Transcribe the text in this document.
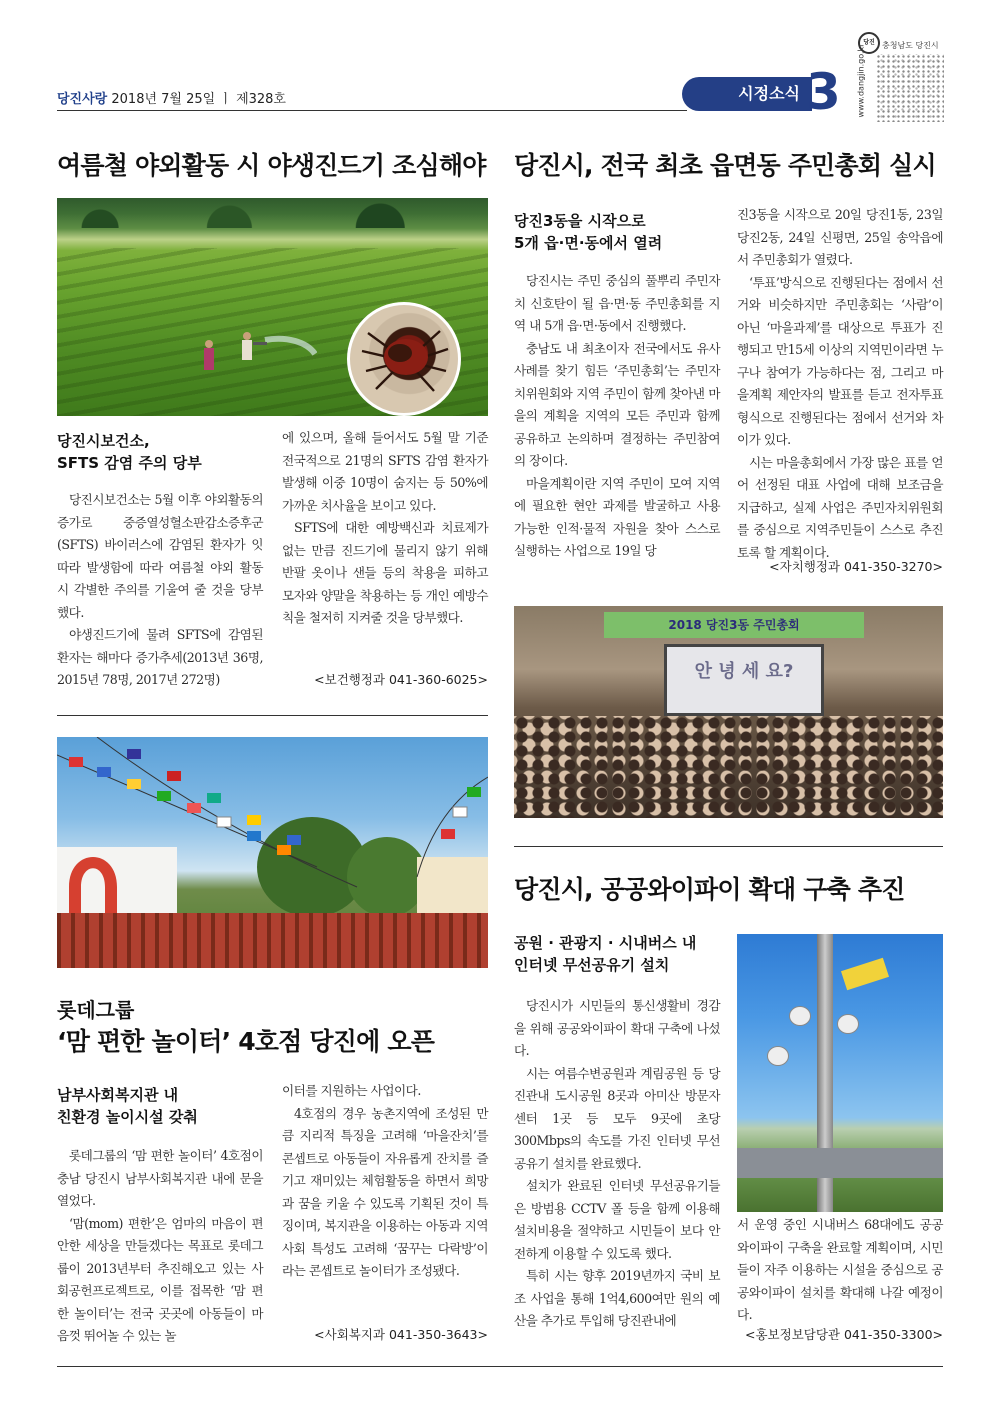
당진사랑 2018년 7월 25일 ㅣ 제328호	시정소식 3
당진 충청남도 당진시
www.dangjin.go.kr
여름철 야외활동 시 야생진드기 조심해야
당진시보건소,
SFTS 감염 주의 당부

당진시보건소는 5월 이후 야외활동의 증가로 중증열성혈소판감소증후군(SFTS) 바이러스에 감염된 환자가 잇따라 발생함에 따라 여름철 야외 활동 시 각별한 주의를 기울여 줄 것을 당부했다.

야생진드기에 물려 SFTS에 감염된 환자는 해마다 증가추세(2013년 36명, 2015년 78명, 2017년 272명)

에 있으며, 올해 들어서도 5월 말 기준 전국적으로 21명의 SFTS 감염 환자가 발생해 이중 10명이 숨지는 등 50%에 가까운 치사율을 보이고 있다.

SFTS에 대한 예방백신과 치료제가 없는 만큼 진드기에 물리지 않기 위해 반팔 옷이나 샌들 등의 착용을 피하고 모자와 양말을 착용하는 등 개인 예방수칙을 철저히 지켜줄 것을 당부했다.

<보건행정과 041-360-6025>
당진시, 전국 최초 읍면동 주민총회 실시
당진3동을 시작으로
5개 읍·면·동에서 열려

당진시는 주민 중심의 풀뿌리 주민자치 신호탄이 될 읍·면·동 주민총회를 지역 내 5개 읍·면·동에서 진행했다.

충남도 내 최초이자 전국에서도 유사 사례를 찾기 힘든 ‘주민총회’는 주민자치위원회와 지역 주민이 함께 찾아낸 마을의 계획을 지역의 모든 주민과 함께 공유하고 논의하며 결정하는 주민참여의 장이다.

마을계획이란 지역 주민이 모여 지역에 필요한 현안 과제를 발굴하고 사용 가능한 인적·물적 자원을 찾아 스스로 실행하는 사업으로 19일 당

진3동을 시작으로 20일 당진1동, 23일 당진2동, 24일 신평면, 25일 송악읍에서 주민총회가 열렸다.

‘투표’방식으로 진행된다는 점에서 선거와 비슷하지만 주민총회는 ‘사람’이 아닌 ‘마을과제’를 대상으로 투표가 진행되고 만15세 이상의 지역민이라면 누구나 참여가 가능하다는 점, 그리고 마을계획 제안자의 발표를 듣고 전자투표 형식으로 진행된다는 점에서 선거와 차이가 있다.

시는 마을총회에서 가장 많은 표를 얻어 선정된 대표 사업에 대해 보조금을 지급하고, 실제 사업은 주민자치위원회를 중심으로 지역주민들이 스스로 추진토록 할 계획이다.

<자치행정과 041-350-3270>
2018 당진3동 주민총회
안 녕 세 요?
롯데그룹
‘맘 편한 놀이터’ 4호점 당진에 오픈
남부사회복지관 내
친환경 놀이시설 갖춰

롯데그룹의 ‘맘 편한 놀이터’ 4호점이 충남 당진시 남부사회복지관 내에 문을 열었다.

‘맘(mom) 편한’은 엄마의 마음이 편안한 세상을 만들겠다는 목표로 롯데그룹이 2013년부터 추진해오고 있는 사회공헌프로젝트로, 이를 접목한 ‘맘 편한 놀이터’는 전국 곳곳에 아동들이 마음껏 뛰어놀 수 있는 놀

이터를 지원하는 사업이다.

4호점의 경우 농촌지역에 조성된 만큼 지리적 특징을 고려해 ‘마을잔치’를 콘셉트로 아동들이 자유롭게 잔치를 즐기고 재미있는 체험활동을 하면서 희망과 꿈을 키울 수 있도록 기획된 것이 특징이며, 복지관을 이용하는 아동과 지역사회 특성도 고려해 ‘꿈꾸는 다락방’이라는 콘셉트로 놀이터가 조성됐다.

<사회복지과 041-350-3643>
당진시, 공공와이파이 확대 구축 추진
공원 · 관광지 · 시내버스 내
인터넷 무선공유기 설치

당진시가 시민들의 통신생활비 경감을 위해 공공와이파이 확대 구축에 나섰다.

시는 여름수변공원과 계림공원 등 당진관내 도시공원 8곳과 아미산 방문자센터 1곳 등 모두 9곳에 초당 300Mbps의 속도를 가진 인터넷 무선공유기 설치를 완료했다.

설치가 완료된 인터넷 무선공유기들은 방범용 CCTV 폴 등을 함께 이용해 설치비용을 절약하고 시민들이 보다 안전하게 이용할 수 있도록 했다.

특히 시는 향후 2019년까지 국비 보조 사업을 통해 1억4,600여만 원의 예산을 추가로 투입해 당진관내에

서 운영 중인 시내버스 68대에도 공공와이파이 구축을 완료할 계획이며, 시민들이 자주 이용하는 시설을 중심으로 공공와이파이 설치를 확대해 나갈 예정이다.

<홍보정보담당관 041-350-3300>
